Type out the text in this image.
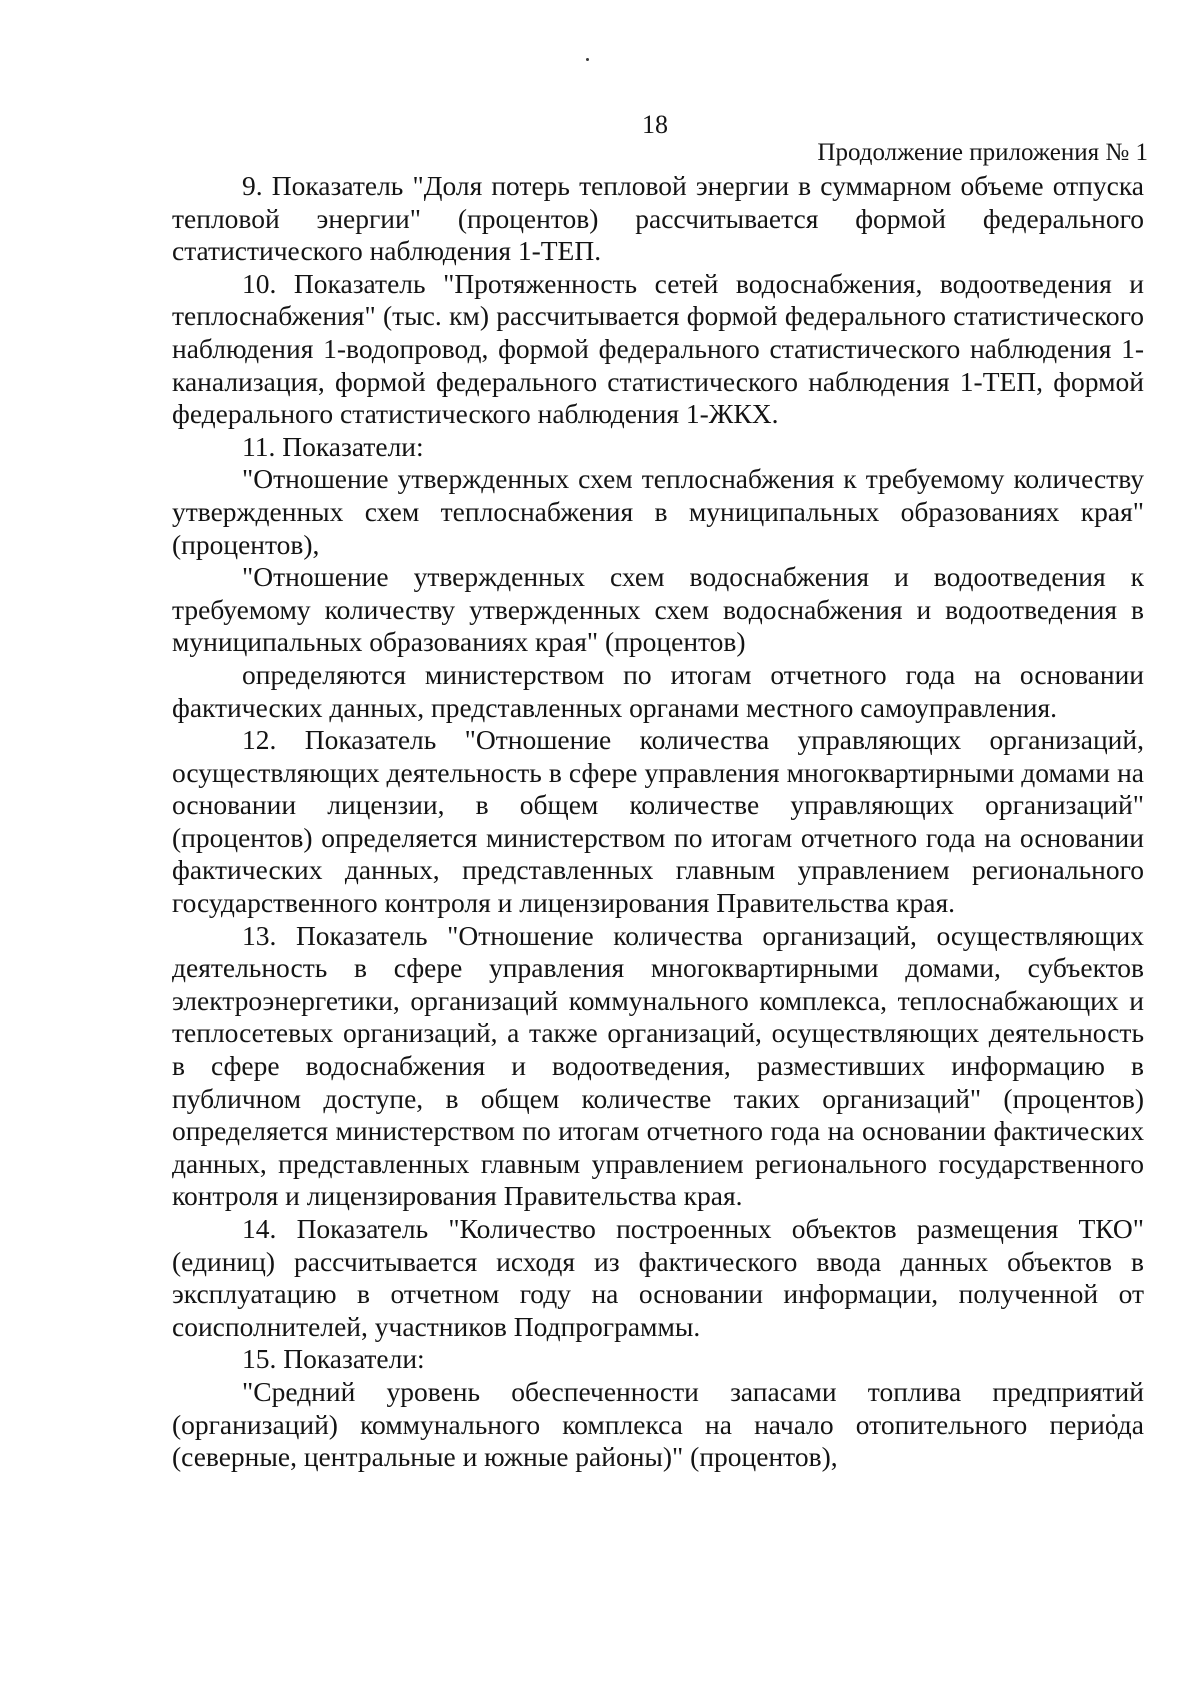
18
Продолжение приложения № 1

9. Показатель "Доля потерь тепловой энергии в суммарном объеме отпуска тепловой энергии" (процентов) рассчитывается формой федерального статистического наблюдения 1-ТЕП.

10. Показатель "Протяженность сетей водоснабжения, водоотведения и теплоснабжения" (тыс. км) рассчитывается формой федерального статистического наблюдения 1-водопровод, формой федерального статистического наблюдения 1-канализация, формой федерального статистического наблюдения 1-ТЕП, формой федерального статистического наблюдения 1-ЖКХ.

11. Показатели:

"Отношение утвержденных схем теплоснабжения к требуемому количеству утвержденных схем теплоснабжения в муниципальных образованиях края" (процентов),

"Отношение утвержденных схем водоснабжения и водоотведения к требуемому количеству утвержденных схем водоснабжения и водоотведения в муниципальных образованиях края" (процентов)

определяются министерством по итогам отчетного года на основании фактических данных, представленных органами местного самоуправления.

12. Показатель "Отношение количества управляющих организаций, осуществляющих деятельность в сфере управления многоквартирными домами на основании лицензии, в общем количестве управляющих организаций" (процентов) определяется министерством по итогам отчетного года на основании фактических данных, представленных главным управлением регионального государственного контроля и лицензирования Правительства края.

13. Показатель "Отношение количества организаций, осуществляющих деятельность в сфере управления многоквартирными домами, субъектов электроэнергетики, организаций коммунального комплекса, теплоснабжающих и теплосетевых организаций, а также организаций, осуществляющих деятельность в сфере водоснабжения и водоотведения, разместивших информацию в публичном доступе, в общем количестве таких организаций" (процентов) определяется министерством по итогам отчетного года на основании фактических данных, представленных главным управлением регионального государственного контроля и лицензирования Правительства края.

14. Показатель "Количество построенных объектов размещения ТКО" (единиц) рассчитывается исходя из фактического ввода данных объектов в эксплуатацию в отчетном году на основании информации, полученной от соисполнителей, участников Подпрограммы.

15. Показатели:

"Средний уровень обеспеченности запасами топлива предприятий (организаций) коммунального комплекса на начало отопительного периода (северные, центральные и южные районы)" (процентов),
